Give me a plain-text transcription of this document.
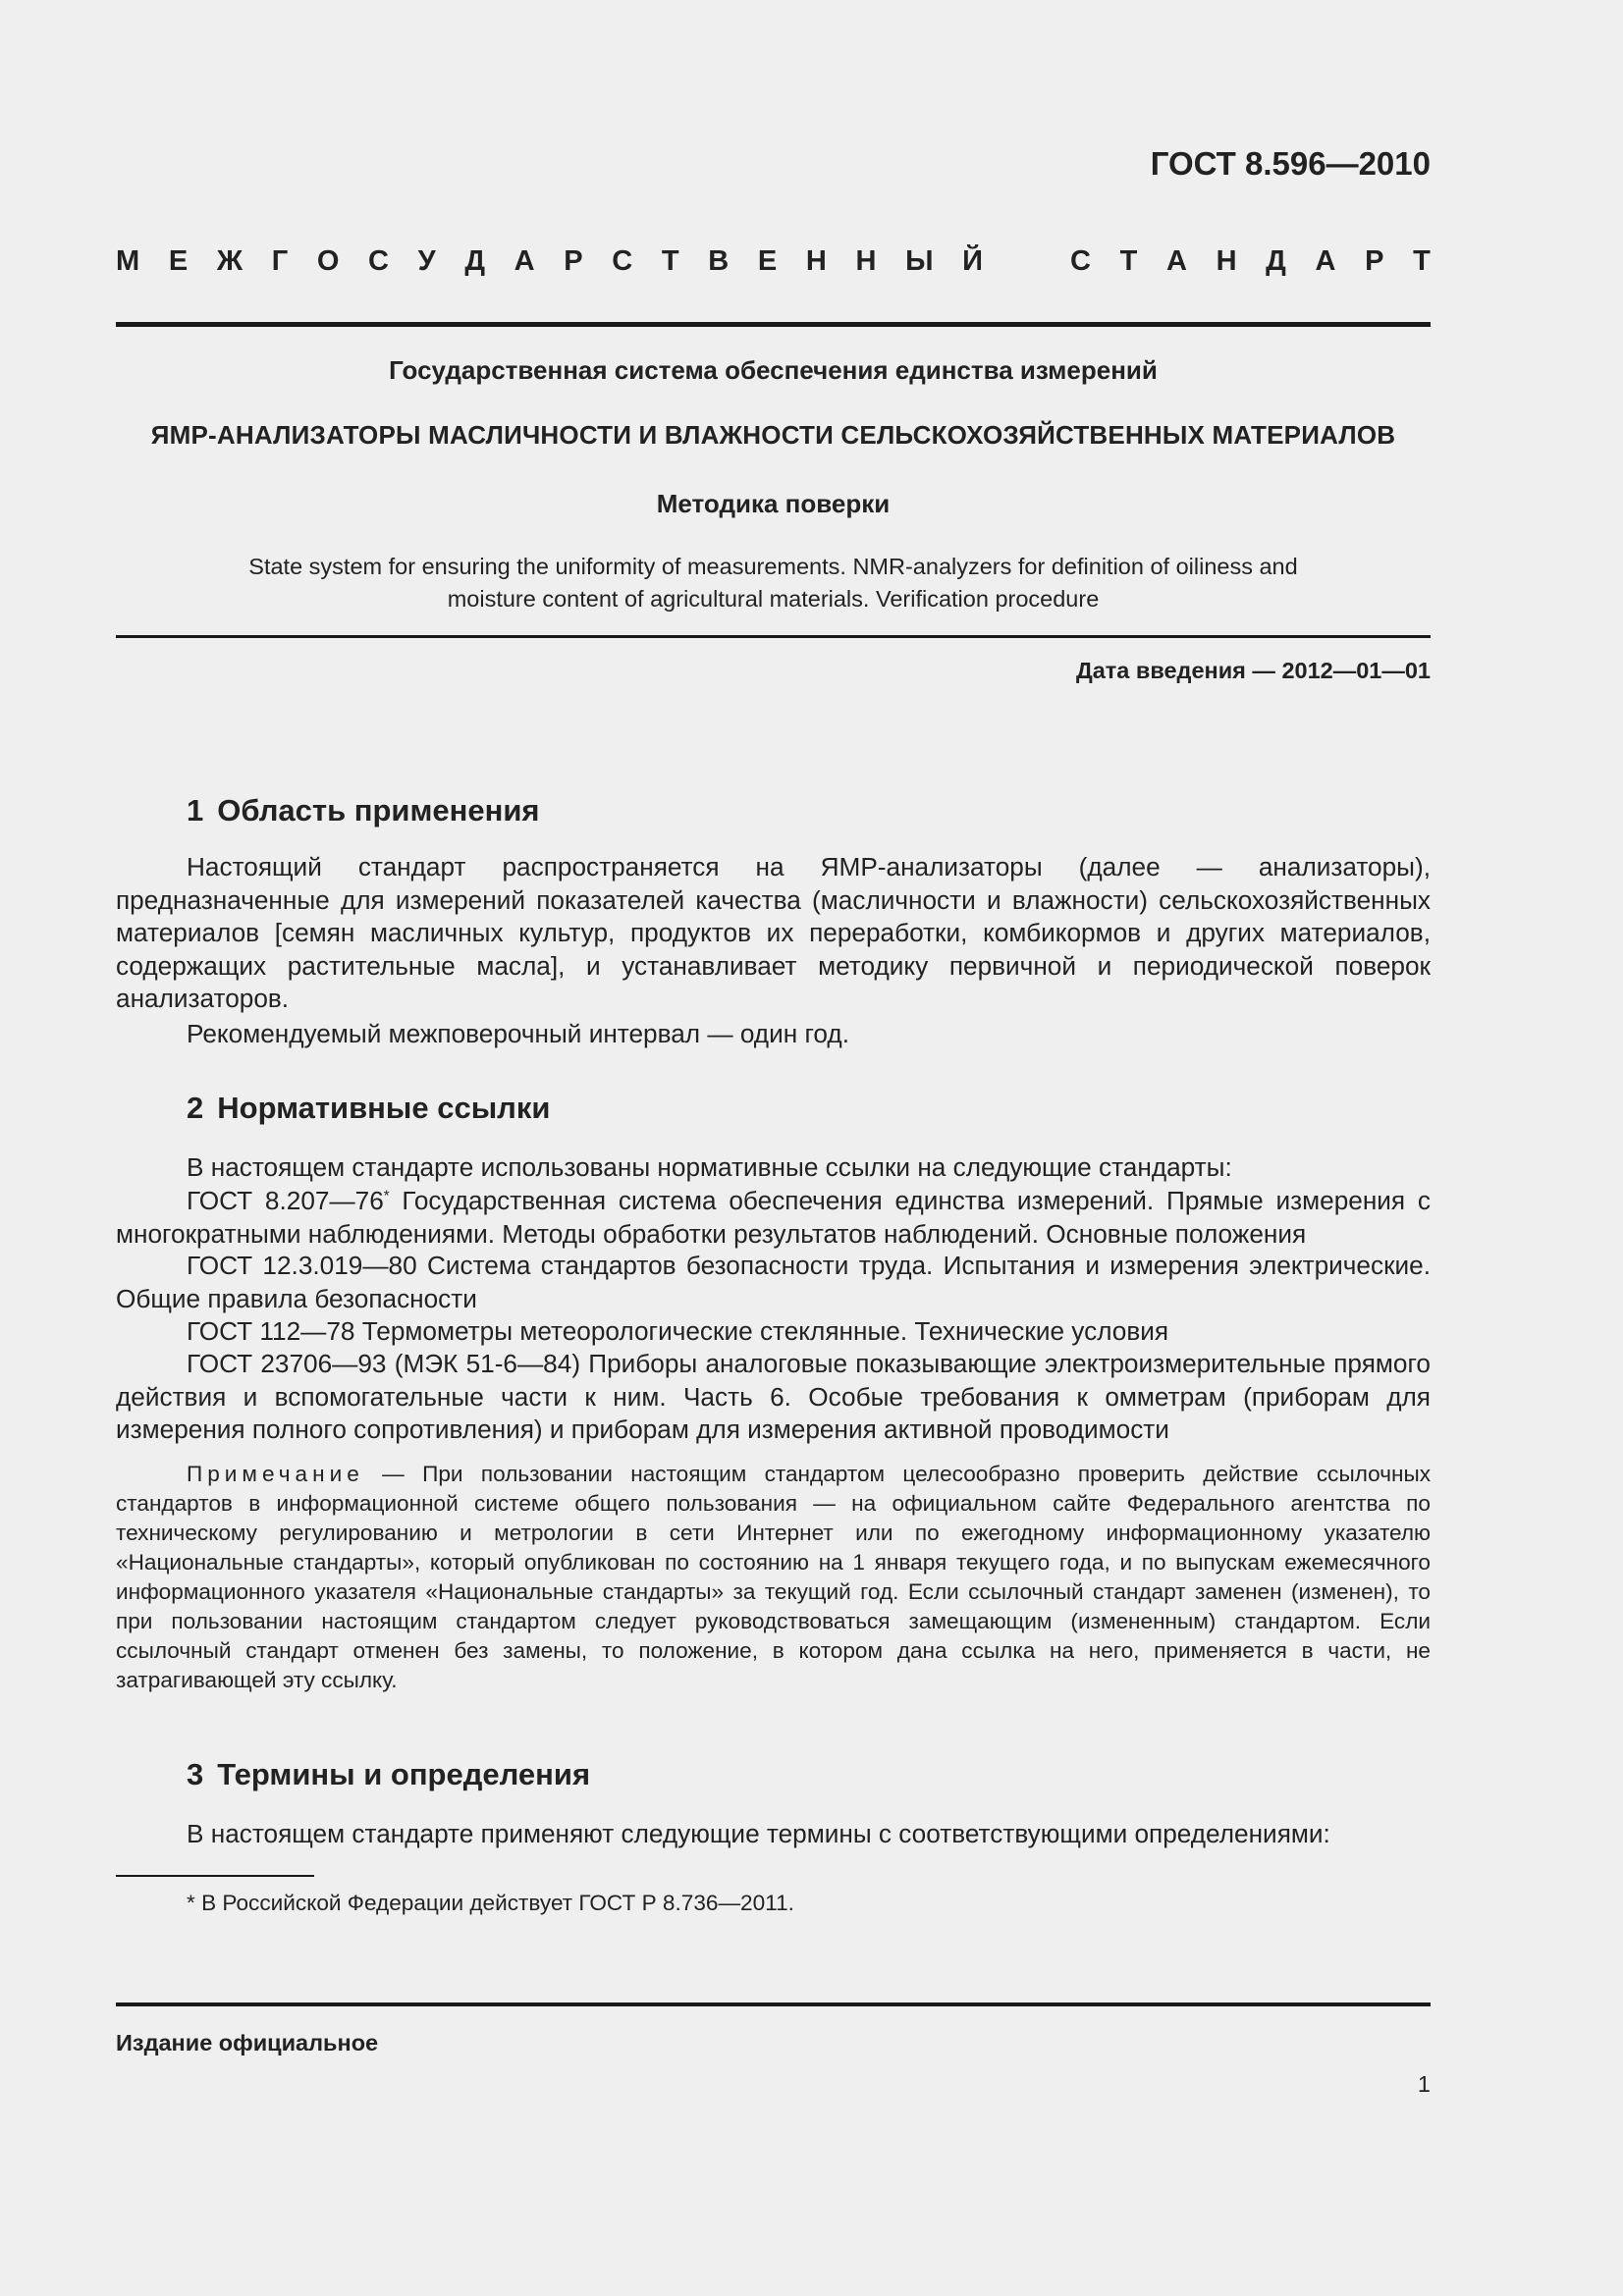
ГОСТ 8.596—2010
М Е Ж Г О С У Д А Р С Т В Е Н Н Ы Й	С Т А Н Д А Р Т
Государственная система обеспечения единства измерений
ЯМР-АНАЛИЗАТОРЫ МАСЛИЧНОСТИ И ВЛАЖНОСТИ СЕЛЬСКОХОЗЯЙСТВЕННЫХ МАТЕРИАЛОВ
Методика поверки
State system for ensuring the uniformity of measurements. NMR-analyzers for definition of oiliness and moisture content of agricultural materials. Verification procedure
Дата введения — 2012—01—01
1 Область применения

Настоящий стандарт распространяется на ЯМР-анализаторы (далее — анализаторы), предназначенные для измерений показателей качества (масличности и влажности) сельскохозяйственных материалов [семян масличных культур, продуктов их переработки, комбикормов и других материалов, содержащих растительные масла], и устанавливает методику первичной и периодической поверок анализаторов.

Рекомендуемый межповерочный интервал — один год.

2 Нормативные ссылки

В настоящем стандарте использованы нормативные ссылки на следующие стандарты:

ГОСТ 8.207—76* Государственная система обеспечения единства измерений. Прямые измерения с многократными наблюдениями. Методы обработки результатов наблюдений. Основные положения

ГОСТ 12.3.019—80 Система стандартов безопасности труда. Испытания и измерения электрические. Общие правила безопасности

ГОСТ 112—78 Термометры метеорологические стеклянные. Технические условия

ГОСТ 23706—93 (МЭК 51-6—84) Приборы аналоговые показывающие электроизмерительные прямого действия и вспомогательные части к ним. Часть 6. Особые требования к омметрам (приборам для измерения полного сопротивления) и приборам для измерения активной проводимости

Примечание — При пользовании настоящим стандартом целесообразно проверить действие ссылочных стандартов в информационной системе общего пользования — на официальном сайте Федерального агентства по техническому регулированию и метрологии в сети Интернет или по ежегодному информационному указателю «Национальные стандарты», который опубликован по состоянию на 1 января текущего года, и по выпускам ежемесячного информационного указателя «Национальные стандарты» за текущий год. Если ссылочный стандарт заменен (изменен), то при пользовании настоящим стандартом следует руководствоваться замещающим (измененным) стандартом. Если ссылочный стандарт отменен без замены, то положение, в котором дана ссылка на него, применяется в части, не затрагивающей эту ссылку.

3 Термины и определения

В настоящем стандарте применяют следующие термины с соответствующими определениями:

* В Российской Федерации действует ГОСТ Р 8.736—2011.
Издание официальное
1
